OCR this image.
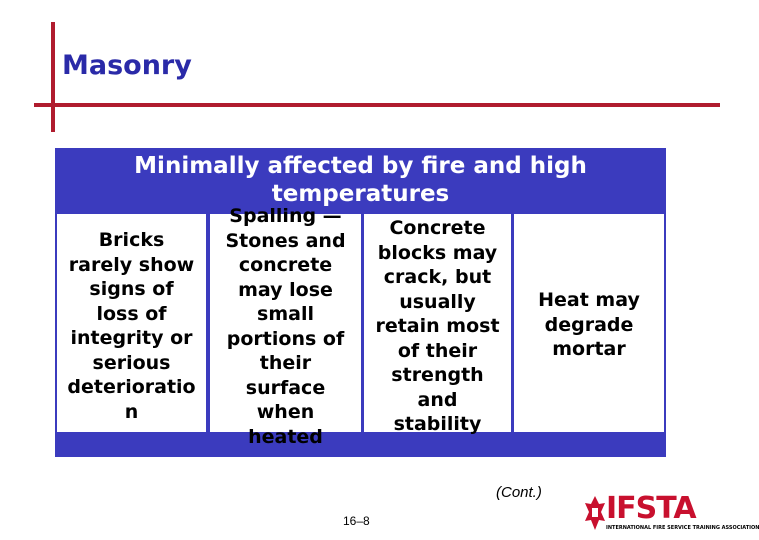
Masonry
Minimally affected by fire and high
temperatures
Bricks
rarely show
signs of
loss of
integrity or
serious
deterioratio
n
Spalling —
Stones and
concrete
may lose
small
portions of
their
surface
when
heated
Concrete
blocks may
crack, but
usually
retain most
of their
strength
and
stability
Heat may
degrade
mortar
(Cont.)
16–8	IFSTA
INTERNATIONAL FIRE SERVICE TRAINING ASSOCIATION
